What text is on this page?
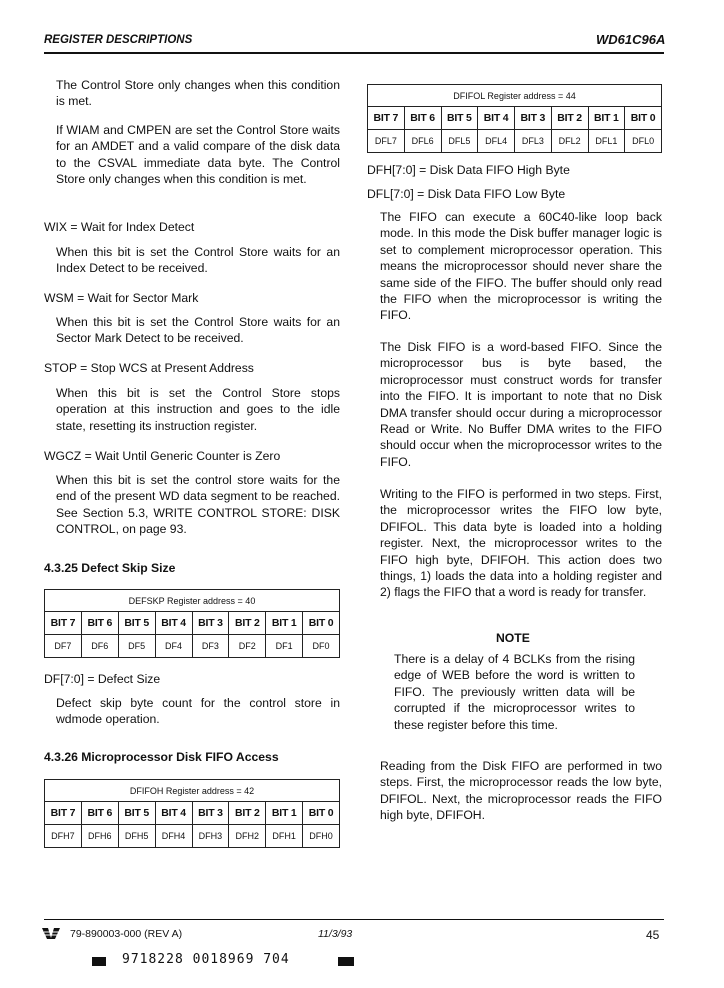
REGISTER DESCRIPTIONS	WD61C96A

The Control Store only changes when this condition is met.

If WIAM and CMPEN are set the Control Store waits for an AMDET and a valid compare of the disk data to the CSVAL immediate data byte. The Control Store only changes when this condition is met.

WIX = Wait for Index Detect

When this bit is set the Control Store waits for an Index Detect to be received.

WSM = Wait for Sector Mark

When this bit is set the Control Store waits for an Sector Mark Detect to be received.

STOP = Stop WCS at Present Address

When this bit is set the Control Store stops operation at this instruction and goes to the idle state, resetting its instruction register.

WGCZ = Wait Until Generic Counter is Zero

When this bit is set the control store waits for the end of the present WD data segment to be reached. See Section 5.3, WRITE CONTROL STORE: DISK CONTROL, on page 93.

4.3.25 Defect Skip Size
DEFSKP Register address = 40							
BIT 7	BIT 6	BIT 5	BIT 4	BIT 3	BIT 2	BIT 1	BIT 0
DF7	DF6	DF5	DF4	DF3	DF2	DF1	DF0
DF[7:0] = Defect Size

Defect skip byte count for the control store in wdmode operation.

4.3.26 Microprocessor Disk FIFO Access
DFIFOH Register address = 42							
BIT 7	BIT 6	BIT 5	BIT 4	BIT 3	BIT 2	BIT 1	BIT 0
DFH7	DFH6	DFH5	DFH4	DFH3	DFH2	DFH1	DFH0
DFIFOL Register address = 44							
BIT 7	BIT 6	BIT 5	BIT 4	BIT 3	BIT 2	BIT 1	BIT 0
DFL7	DFL6	DFL5	DFL4	DFL3	DFL2	DFL1	DFL0
DFH[7:0] = Disk Data FIFO High Byte
DFL[7:0] = Disk Data FIFO Low Byte

The FIFO can execute a 60C40-like loop back mode. In this mode the Disk buffer manager logic is set to complement microprocessor operation. This means the microprocessor should never share the same side of the FIFO. The buffer should only read the FIFO when the microprocessor is writing the FIFO.

The Disk FIFO is a word-based FIFO. Since the microprocessor bus is byte based, the microprocessor must construct words for transfer into the FIFO. It is important to note that no Disk DMA transfer should occur during a microprocessor Read or Write. No Buffer DMA writes to the FIFO should occur when the microprocessor writes to the FIFO.

Writing to the FIFO is performed in two steps. First, the microprocessor writes the FIFO low byte, DFIFOL. This data byte is loaded into a holding register. Next, the microprocessor writes to the FIFO high byte, DFIFOH. This action does two things, 1) loads the data into a holding register and 2) flags the FIFO that a word is ready for transfer.

NOTE

There is a delay of 4 BCLKs from the rising edge of WEB before the word is written to FIFO. The previously written data will be corrupted if the microprocessor writes to these register before this time.

Reading from the Disk FIFO are performed in two steps. First, the microprocessor reads the low byte, DFIFOL. Next, the microprocessor reads the FIFO high byte, DFIFOH.

79-890003-000 (REV A)	11/3/93	45
9718228 0018969 704
